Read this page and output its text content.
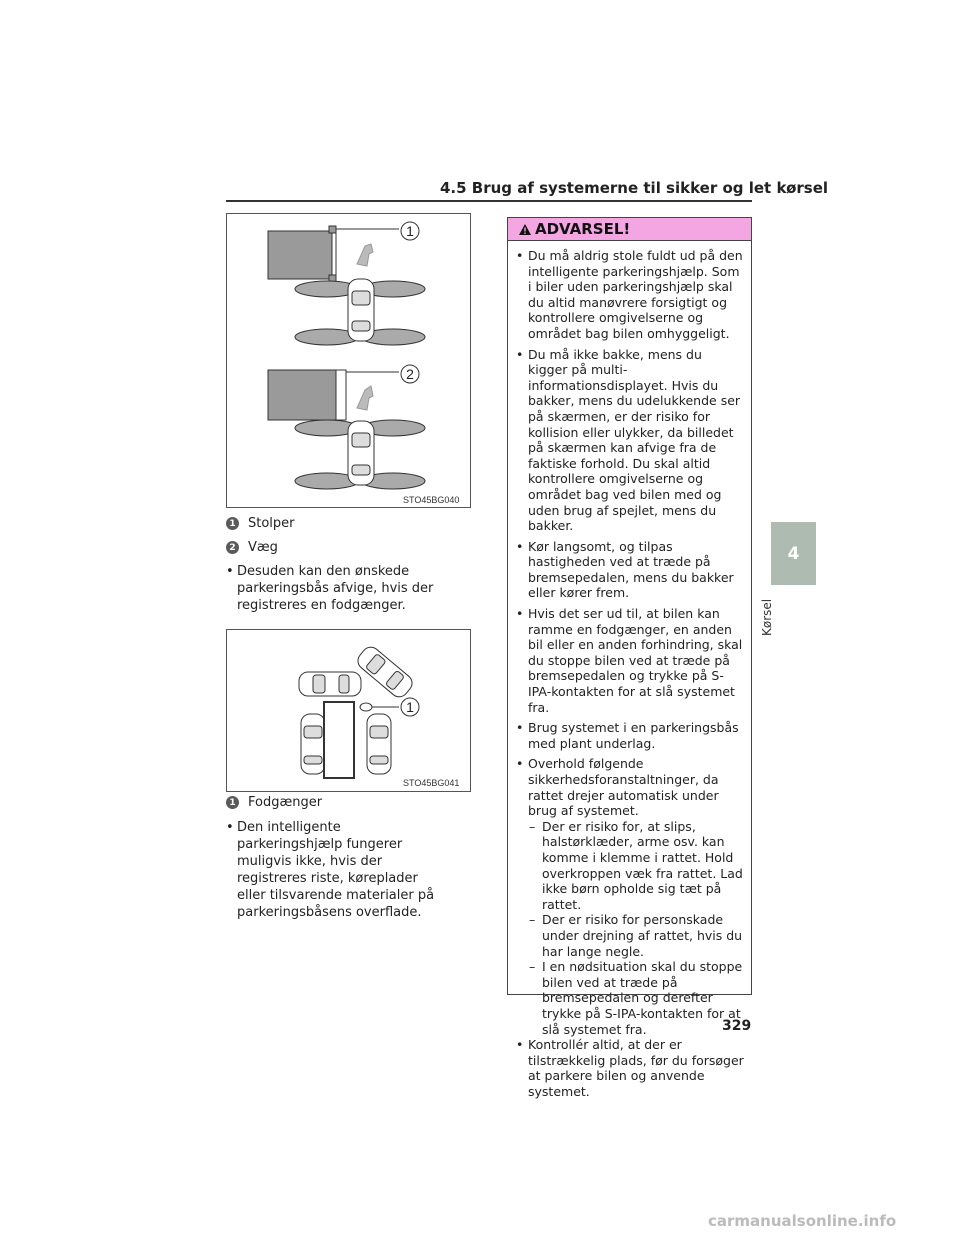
4.5 Brug af systemerne til sikker og let kørsel
1
2
STO45BG040
1 Stolper
2 Væg
• Desuden kan den ønskede parkeringsbås afvige, hvis der registreres en fodgænger.
1
STO45BG041
1 Fodgænger
• Den intelligente parkeringshjælp fungerer muligvis ikke, hvis der registreres riste, køreplader eller tilsvarende materialer på parkeringsbåsens overflade.
ADVARSEL!
• Du må aldrig stole fuldt ud på den intelligente parkeringshjælp. Som i biler uden parkeringshjælp skal du altid manøvrere forsigtigt og kontrollere omgivelserne og området bag bilen omhyggeligt.
• Du må ikke bakke, mens du kigger på multi-informationsdisplayet. Hvis du bakker, mens du udelukkende ser på skærmen, er der risiko for kollision eller ulykker, da billedet på skærmen kan afvige fra de faktiske forhold. Du skal altid kontrollere omgivelserne og området bag ved bilen med og uden brug af spejlet, mens du bakker.
• Kør langsomt, og tilpas hastigheden ved at træde på bremsepedalen, mens du bakker eller kører frem.
• Hvis det ser ud til, at bilen kan ramme en fodgænger, en anden bil eller en anden forhindring, skal du stoppe bilen ved at træde på bremsepedalen og trykke på S-IPA-kontakten for at slå systemet fra.
• Brug systemet i en parkeringsbås med plant underlag.
• Overhold følgende sikkerhedsforanstaltninger, da rattet drejer automatisk under brug af systemet.
– Der er risiko for, at slips, halstørklæder, arme osv. kan komme i klemme i rattet. Hold overkroppen væk fra rattet. Lad ikke børn opholde sig tæt på rattet.
– Der er risiko for personskade under drejning af rattet, hvis du har lange negle.
– I en nødsituation skal du stoppe bilen ved at træde på bremsepedalen og derefter trykke på S-IPA-kontakten for at slå systemet fra.
• Kontrollér altid, at der er tilstrækkelig plads, før du forsøger at parkere bilen og anvende systemet.
4
Kørsel
329
carmanualsonline.info
